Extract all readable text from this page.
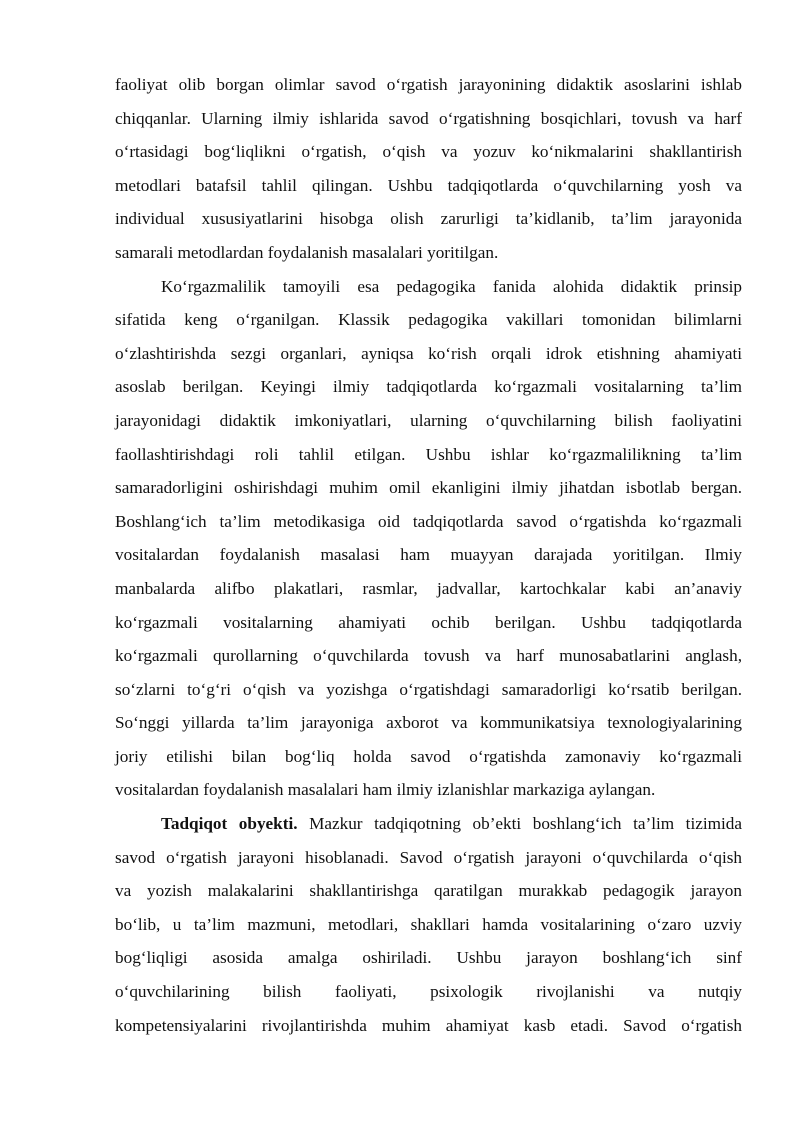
faoliyat olib borgan olimlar savod o‘rgatish jarayonining didaktik asoslarini ishlab
chiqqanlar. Ularning ilmiy ishlarida savod o‘rgatishning bosqichlari, tovush va harf
o‘rtasidagi bog‘liqlikni o‘rgatish, o‘qish va yozuv ko‘nikmalarini shakllantirish
metodlari batafsil tahlil qilingan. Ushbu tadqiqotlarda o‘quvchilarning yosh va
individual xususiyatlarini hisobga olish zarurligi ta’kidlanib, ta’lim jarayonida
samarali metodlardan foydalanish masalalari yoritilgan.
Ko‘rgazmalilik tamoyili esa pedagogika fanida alohida didaktik prinsip
sifatida keng o‘rganilgan. Klassik pedagogika vakillari tomonidan bilimlarni
o‘zlashtirishda sezgi organlari, ayniqsa ko‘rish orqali idrok etishning ahamiyati
asoslab berilgan. Keyingi ilmiy tadqiqotlarda ko‘rgazmali vositalarning ta’lim
jarayonidagi didaktik imkoniyatlari, ularning o‘quvchilarning bilish faoliyatini
faollashtirishdagi roli tahlil etilgan. Ushbu ishlar ko‘rgazmalilikning ta’lim
samaradorligini oshirishdagi muhim omil ekanligini ilmiy jihatdan isbotlab bergan.
Boshlang‘ich ta’lim metodikasiga oid tadqiqotlarda savod o‘rgatishda ko‘rgazmali
vositalardan foydalanish masalasi ham muayyan darajada yoritilgan. Ilmiy
manbalarda alifbo plakatlari, rasmlar, jadvallar, kartochkalar kabi an’anaviy
ko‘rgazmali vositalarning ahamiyati ochib berilgan. Ushbu tadqiqotlarda
ko‘rgazmali qurollarning o‘quvchilarda tovush va harf munosabatlarini anglash,
so‘zlarni to‘g‘ri o‘qish va yozishga o‘rgatishdagi samaradorligi ko‘rsatib berilgan.
So‘nggi yillarda ta’lim jarayoniga axborot va kommunikatsiya texnologiyalarining
joriy etilishi bilan bog‘liq holda savod o‘rgatishda zamonaviy ko‘rgazmali
vositalardan foydalanish masalalari ham ilmiy izlanishlar markaziga aylangan.
Tadqiqot obyekti. Mazkur tadqiqotning ob’ekti boshlang‘ich ta’lim tizimida
savod o‘rgatish jarayoni hisoblanadi. Savod o‘rgatish jarayoni o‘quvchilarda o‘qish
va yozish malakalarini shakllantirishga qaratilgan murakkab pedagogik jarayon
bo‘lib, u ta’lim mazmuni, metodlari, shakllari hamda vositalarining o‘zaro uzviy
bog‘liqligi asosida amalga oshiriladi. Ushbu jarayon boshlang‘ich sinf
o‘quvchilarining bilish faoliyati, psixologik rivojlanishi va nutqiy
kompetensiyalarini rivojlantirishda muhim ahamiyat kasb etadi. Savod o‘rgatish
